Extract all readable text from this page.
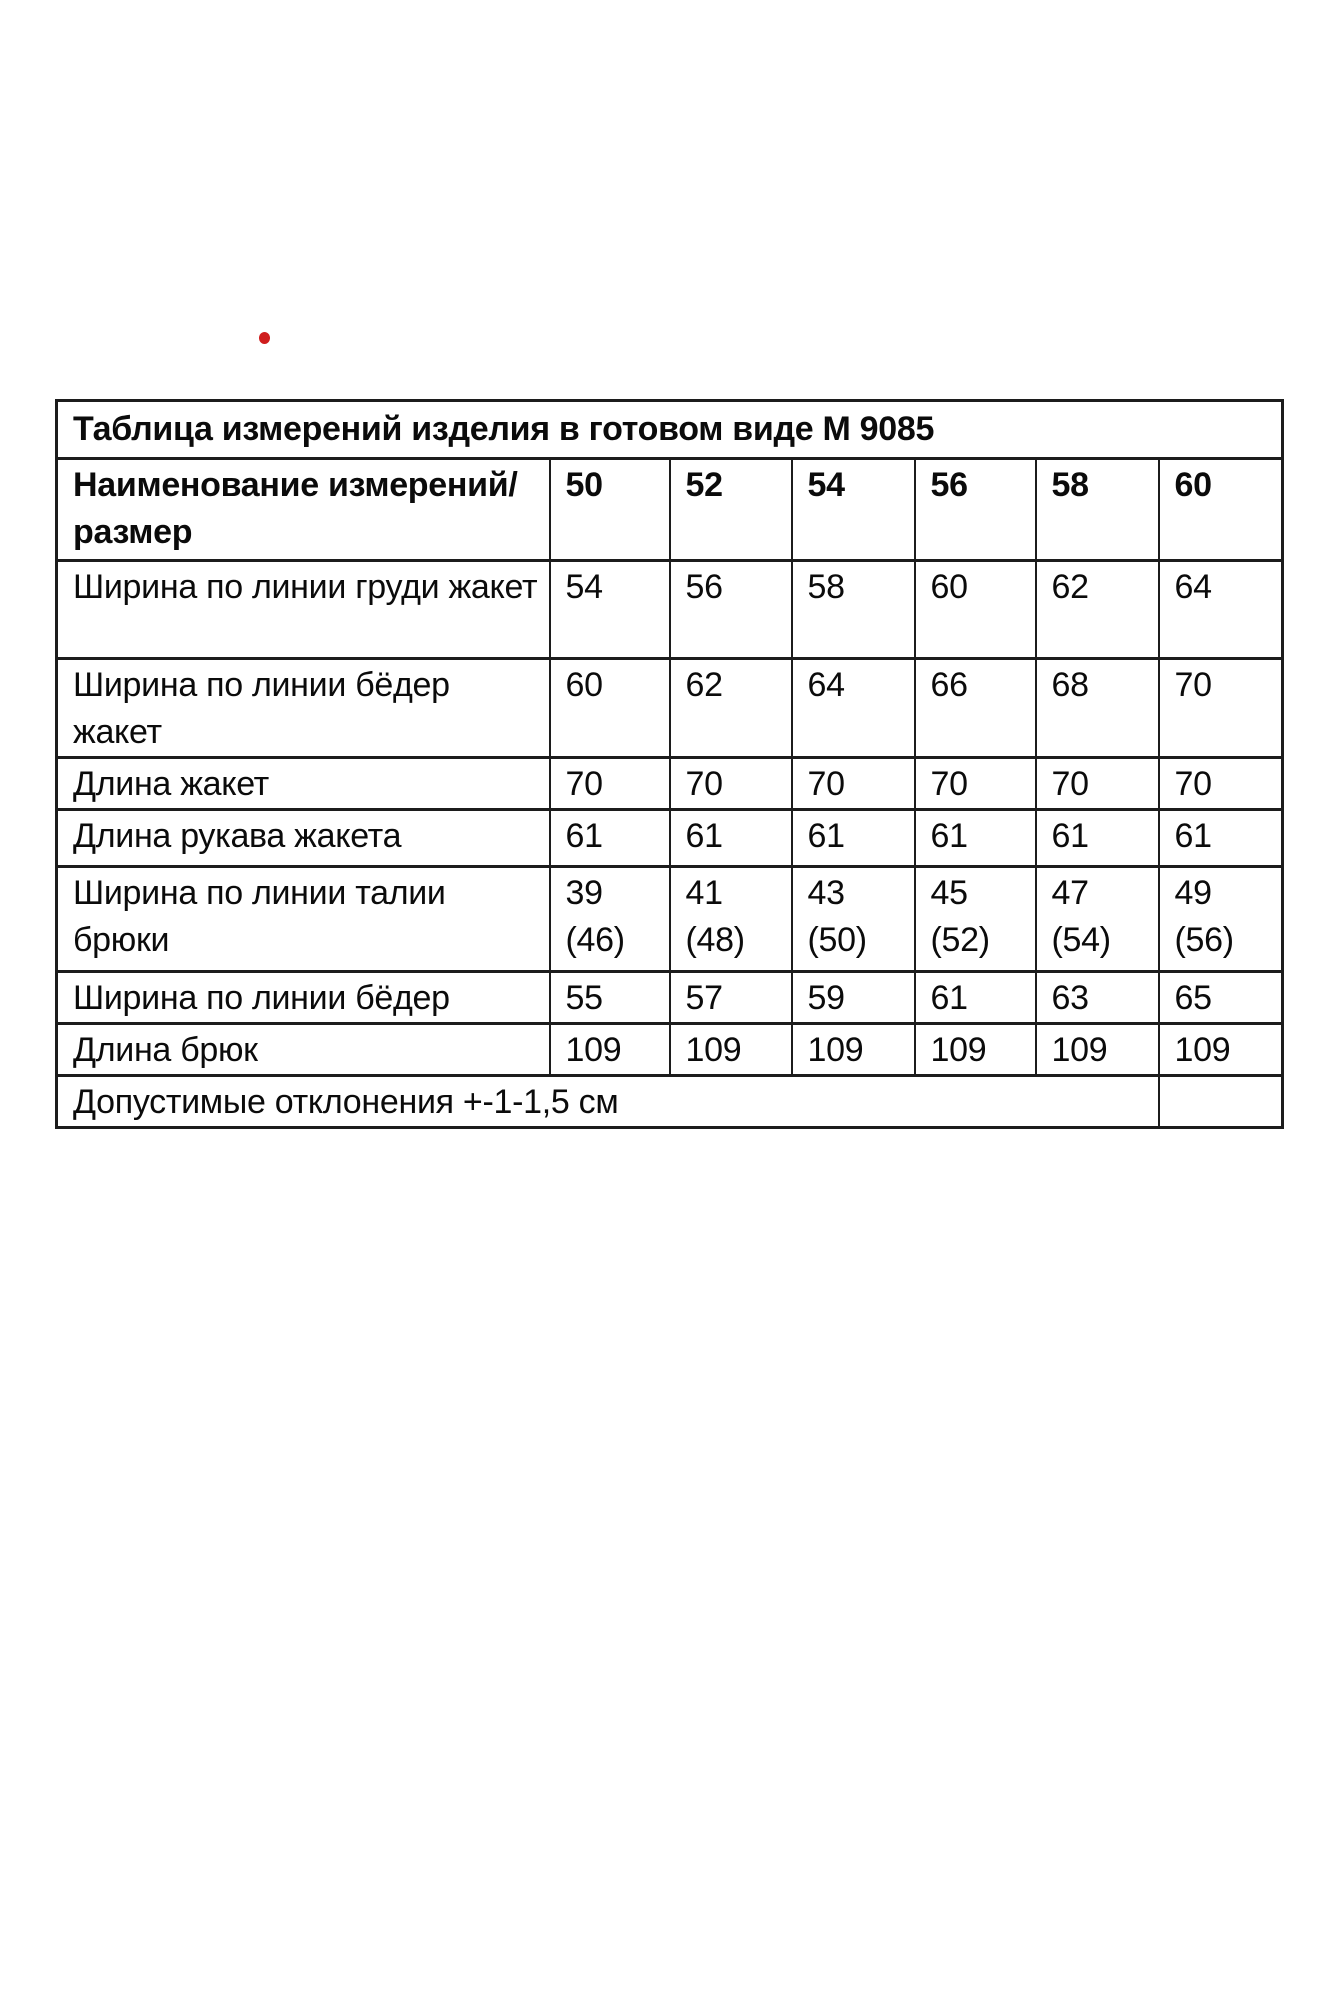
Таблица измерений изделия в готовом виде М 9085						
Наименование измерений/размер	50	52	54	56	58	60
Ширина по линии груди жакет	54	56	58	60	62	64
Ширина по линии бёдер жакет	60	62	64	66	68	70
Длина жакет	70	70	70	70	70	70
Длина рукава жакета	61	61	61	61	61	61
Ширина по линии талии брюки	39 (46)	41 (48)	43 (50)	45 (52)	47 (54)	49 (56)
Ширина по линии бёдер	55	57	59	61	63	65
Длина брюк	109	109	109	109	109	109
Допустимые отклонения +-1-1,5 см						
